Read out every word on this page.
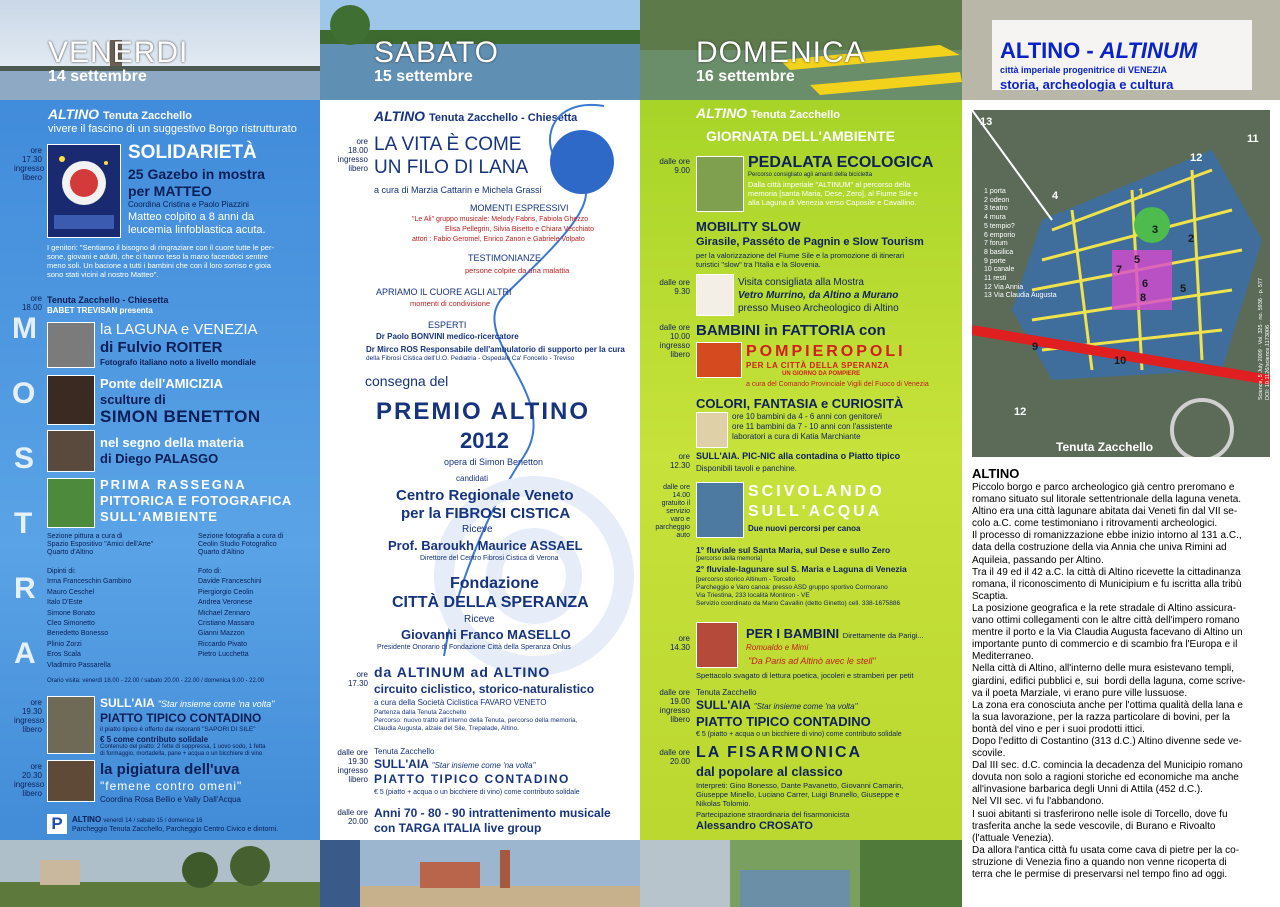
VENERDI
14 settembre
ALTINO Tenuta Zacchello
vivere il fascino di un suggestivo Borgo ristrutturato
ore
17.30
ingresso
libero
SOLIDARIETÀ
25 Gazebo in mostra
per MATTEO
Coordina Cristina e Paolo Piazzini
Matteo colpito a 8 anni da
leucemia linfoblastica acuta.
I genitori: "Sentiamo il bisogno di ringraziare con il cuore tutte le per-
sone, giovani e adulti, che ci hanno teso la mano facendoci sentire
meno soli. Un bacione a tutti i bambini che con il loro sorriso e gioia
sono stati vicini al nostro Matteo".
ore
18.00
Tenuta Zacchello - Chiesetta
BABET TREVISAN presenta
M
O
S
T
R
A
la LAGUNA e VENEZIA
di Fulvio ROITER
Fotografo italiano noto a livello mondiale
Ponte dell'AMICIZIA
sculture di
SIMON BENETTON
nel segno della materia
di Diego PALASGO
PRIMA RASSEGNA
PITTORICA E FOTOGRAFICA
SULL'AMBIENTE
Sezione pittura a cura di
Spazio Espositivo "Amici dell'Arte"
Quarto d'Altino
Sezione fotografia a cura di
Ceolin Studio Fotografico
Quarto d'Altino
Dipinti di:
Irma Franceschin Gambino
Mauro Ceschel
Italo D'Este
Simone Bonato
Cleo Simonetto
Benedetto Bonesso
Plinio Zorzi
Eros Scala
Vladimiro Passarella
Foto di:
Davide Franceschini
Piergiorgio Ceolin
Andrea Veronese
Michael Zennaro
Cristiano Massaro
Gianni Mazzon
Riccardo Pivato
Pietro Lucchetta
Orario visita: venerdì 18.00 - 22.00 / sabato 20.00 - 22.00 / domenica 9.00 - 22.00
ore
19.30
ingresso
libero
SULL'AIA "Star insieme come 'na volta"
PIATTO TIPICO CONTADINO
il piatto tipico è offerto dai ristoranti "SAPORI DI SILE"
€ 5 come contributo solidale
Contenuto del piatto: 2 fette di soppressa, 1 uovo sodo, 1 fetta
di formaggio, mortadella, pane + acqua o un bicchiere di vino
ore
20.30
ingresso
libero
la pigiatura dell'uva
"femene contro omeni"
Coordina Rosa Bellio e Vally Dall'Acqua
P	ALTINO venerdì 14 / sabato 15 / domenica 16
Parcheggio Tenuta Zacchello, Parcheggio Centro Civico e dintorni.
SABATO
15 settembre
ALTINO Tenuta Zacchello - Chiesetta
ore
18.00
ingresso
libero
LA VITA È COME
UN FILO DI LANA
a cura di Marzia Cattarin e Michela Grassi
MOMENTI ESPRESSIVI
"Le Ali" gruppo musicale: Melody Fabris, Fabiola Ghezzo
Elisa Pellegrin, Silvia Bisetto e Chiara Vecchiato
attori : Fabio Geromel, Enrico Zanon e Gabriele Volpato
TESTIMONIANZE
persone colpite da una malattia
APRIAMO IL CUORE AGLI ALTRI
momenti di condivisione
ESPERTI
Dr Paolo BONVINI medico-ricercatore
Dr Mirco ROS Responsabile dell'ambulatorio di supporto per la cura
della Fibrosi Cistica dell'U.O. Pediatria - Ospedale Ca' Foncello - Treviso
consegna del
PREMIO ALTINO
2012
opera di Simon Benetton
candidati
Centro Regionale Veneto
per la FIBROSI CISTICA
Riceve
Prof. Baroukh Maurice ASSAEL
Direttore del Centro Fibrosi Cistica di Verona
Fondazione
CITTÀ DELLA SPERANZA
Riceve
Giovanni Franco MASELLO
Presidente Onorario di Fondazione Città della Speranza Onlus
ore
17.30
da ALTINUM ad ALTINO
circuito ciclistico, storico-naturalistico
a cura della Società Ciclistica FAVARO VENETO
Partenza dalla Tenuta Zacchello
Percorso: nuovo tratto all'interno della Tenuta, percorso della memoria,
Claudia Augusta, alzaie del Sile, Trepalade, Altino.
dalle ore
19.30
ingresso
libero
Tenuta Zacchello
SULL'AIA "Star insieme come 'na volta"
PIATTO TIPICO CONTADINO
€ 5 (piatto + acqua o un bicchiere di vino) come contributo solidale
dalle ore
20.00
Anni 70 - 80 - 90 intrattenimento musicale
con TARGA ITALIA live group
DOMENICA
16 settembre
ALTINO Tenuta Zacchello
GIORNATA DELL'AMBIENTE
dalle ore
9.00	PEDALATA ECOLOGICA
Percorso consigliato agli amanti della bicicletta
Dalla città imperiale "ALTINUM" al percorso della
memoria [santa Maria, Dese, Zero], al Fiume Sile e
alla Laguna di Venezia verso Caposile e Cavallino.
MOBILITY SLOW
Girasile, Passéto de Pagnin e Slow Tourism
per la valorizzazione del Fiume Sile e la promozione di itinerari
turistici "slow" tra l'Italia e la Slovenia.
dalle ore
9.30
Visita consigliata alla Mostra
Vetro Murrino, da Altino a Murano
presso Museo Archeologico di Altino
dalle ore
10.00
ingresso
libero
BAMBINI in FATTORIA con
POMPIEROPOLI
PER LA CITTÀ DELLA SPERANZA
UN GIORNO DA POMPIERE
a cura del Comando Provinciale Vigili del Fuoco di Venezia
COLORI, FANTASIA e CURIOSITÀ
ore 10 bambini da 4 - 6 anni con genitore/i
ore 11 bambini da 7 - 10 anni con l'assistente
laboratori a cura di Katia Marchiante
ore
12.30
SULL'AIA. PIC-NIC alla contadina o Piatto tipico
Disponibili tavoli e panchine.
dalle ore
14.00
gratuito il
servizio
varo e
parcheggio
auto
SCIVOLANDO
SULL'ACQUA
Due nuovi percorsi per canoa
1° fluviale sul Santa Maria, sul Dese e sullo Zero
[percorso della memoria]
2° fluviale-lagunare sul S. Maria e Laguna di Venezia
[percorso storico Altinum - Torcello
Parcheggio e Varo canoa: presso ASD gruppo sportivo Cormorano
Via Triestina, 233 località Montiron - VE
Servizio coordinato da Mario Cavallin (detto Ginetto) cell. 338-1675886
ore
14.30
PER I BAMBINI Direttamente da Parigi...
Romualdo e Mimi
"Da Paris ad Altinò avec le stell"
Spettacolo svagato di lettura poetica, jocoleri e stramberi per petit
dalle ore
19.00
ingresso
libero
Tenuta Zacchello
SULL'AIA "Star insieme come 'na volta"
PIATTO TIPICO CONTADINO
€ 5 (piatto + acqua o un bicchiere di vino) come contributo solidale
dalle ore
20.00
LA FISARMONICA
dal popolare al classico
Interpreti: Gino Bonesso, Dante Pavanetto, Giovanni Camarin,
Giuseppe Minello, Luciano Carrer, Luigi Brunello, Giuseppe e
Nikolas Tolomio.
Partecipazione straordinaria del fisarmonicista
Alessandro CROSATO
ALTINO - ALTINUM
città imperiale progenitrice di VENEZIA
storia, archeologia e cultura
13
11
12
1
4
3
2
5
7
6	5
8
9
10
12
1 porta
2 odeon
3 teatro
4 mura
5 tempio?
6 emporio
7 forum
8 basilica
9 porte
10 canale
11 resti
12 Via Annia
13 Via Claudia Augusta
Science, 5 July 2009 · Vol. 325 · no. 5936 · p. 577
DOI: 10.1126/science.1173006
sciencemag.org/cgi/content/full/325/5936/577
Tenuta Zacchello
ALTINO
Piccolo borgo e parco archeologico già centro preromano e
romano situato sul litorale settentrionale della laguna veneta.
Altino era una città lagunare abitata dai Veneti fin dal VII se-
colo a.C. come testimoniano i ritrovamenti archeologici.
Il processo di romanizzazione ebbe inizio intorno al 131 a.C.,
data della costruzione della via Annia che univa Rimini ad
Aquileia, passando per Altino.
Tra il 49 ed il 42 a.C. la città di Altino ricevette la cittadinanza
romana, il riconoscimento di Municipium e fu iscritta alla tribù
Scaptia.
La posizione geografica e la rete stradale di Altino assicura-
vano ottimi collegamenti con le altre città dell'impero romano
mentre il porto e la Via Claudia Augusta facevano di Altino un
importante punto di commercio e di scambio fra l'Europa e il
Mediterraneo.
Nella città di Altino, all'interno delle mura esistevano templi,
giardini, edifici pubblici e, sui  bordi della laguna, come scrive-
va il poeta Marziale, vi erano pure ville lussuose.
La zona era conosciuta anche per l'ottima qualità della lana e
la sua lavorazione, per la razza particolare di bovini, per la
bontà del vino e per i suoi prodotti ittici.
Dopo l'editto di Costantino (313 d.C.) Altino divenne sede ve-
scovile.
Dal III sec. d.C. comincia la decadenza del Municipio romano
dovuta non solo a ragioni storiche ed economiche ma anche
all'invasione barbarica degli Unni di Attila (452 d.C.).
Nel VII sec. vi fu l'abbandono.
I suoi abitanti si trasferirono nelle isole di Torcello, dove fu
trasferita anche la sede vescovile, di Burano e Rivoalto
(l'attuale Venezia).
Da allora l'antica città fu usata come cava di pietre per la co-
struzione di Venezia fino a quando non venne ricoperta di
terra che le permise di preservarsi nel tempo fino ad oggi.
